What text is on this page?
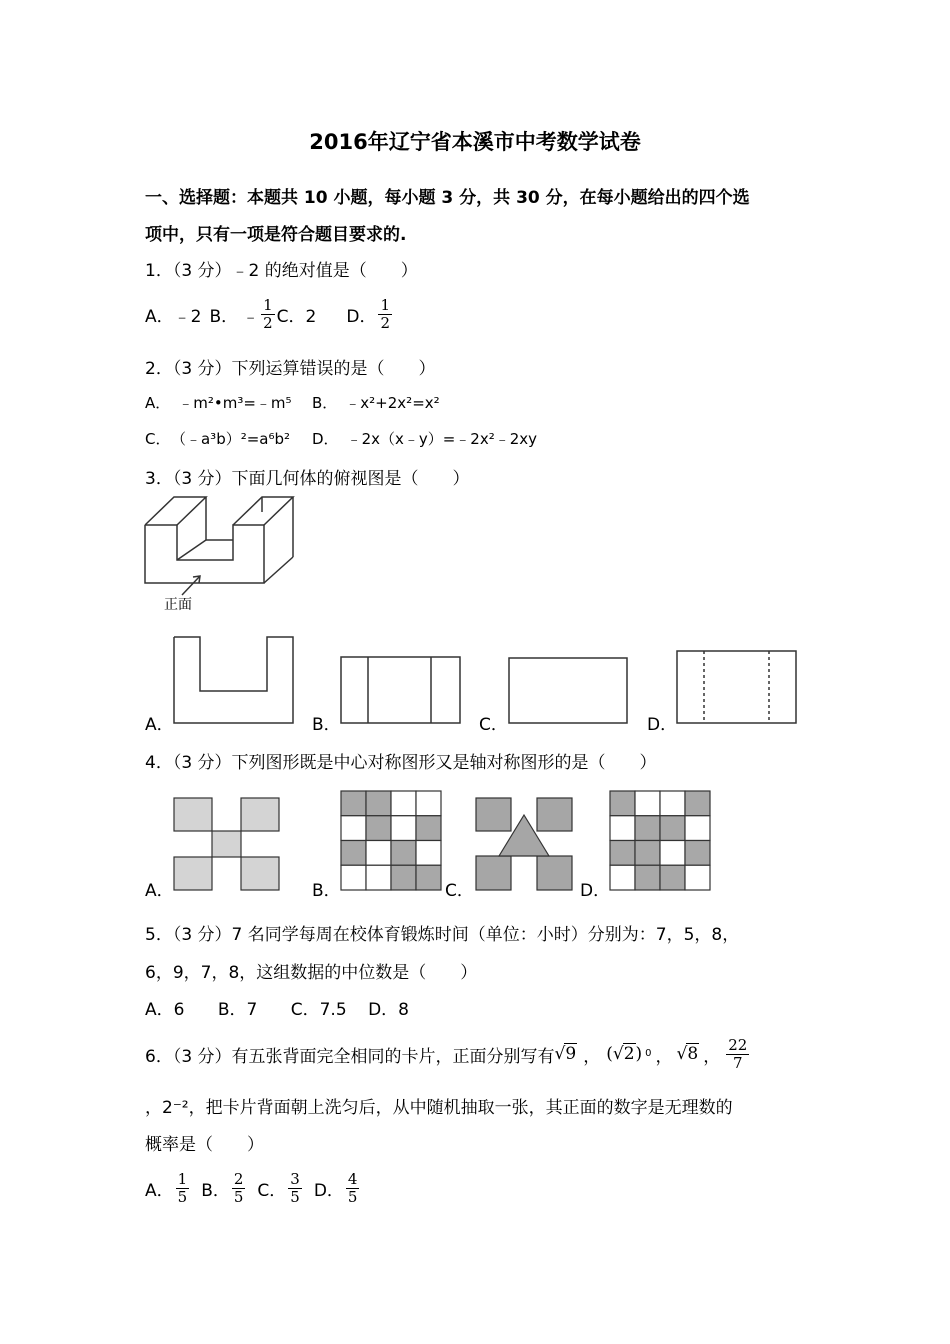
2016年辽宁省本溪市中考数学试卷
一、选择题：本题共 10 小题，每小题 3 分，共 30 分，在每小题给出的四个选
项中，只有一项是符合题目要求的.
1．（3 分）﹣2 的绝对值是（　　）
A．﹣2 B． ﹣ $\frac{1}{2}$ C．2 D． $\frac{1}{2}$
2．（3 分）下列运算错误的是（　　）
A． ﹣m²•m³=﹣m⁵ B． ﹣x²+2x²=x²
C． （﹣a³b）²=a⁶b² D． ﹣2x（x﹣y）=﹣2x²﹣2xy
3．（3 分）下面几何体的俯视图是（　　）
正面
A．	B．	C．	D．
4．（3 分）下列图形既是中心对称图形又是轴对称图形的是（　　）
A．	B．	C．	D．
5．（3 分）7 名同学每周在校体育锻炼时间（单位：小时）分别为：7，5，8，
6，9，7，8，这组数据的中位数是（　　）
A．6 B．7 C．7.5 D．8
6．（3 分）有五张背面完全相同的卡片，正面分别写有 √9 ， (√2) 0 ， √8 ， $\frac{22}{7}$
，2⁻²，把卡片背面朝上洗匀后，从中随机抽取一张，其正面的数字是无理数的
概率是（　　）
A． $\frac{1}{5}$ B． $\frac{2}{5}$ C． $\frac{3}{5}$ D． $\frac{4}{5}$
